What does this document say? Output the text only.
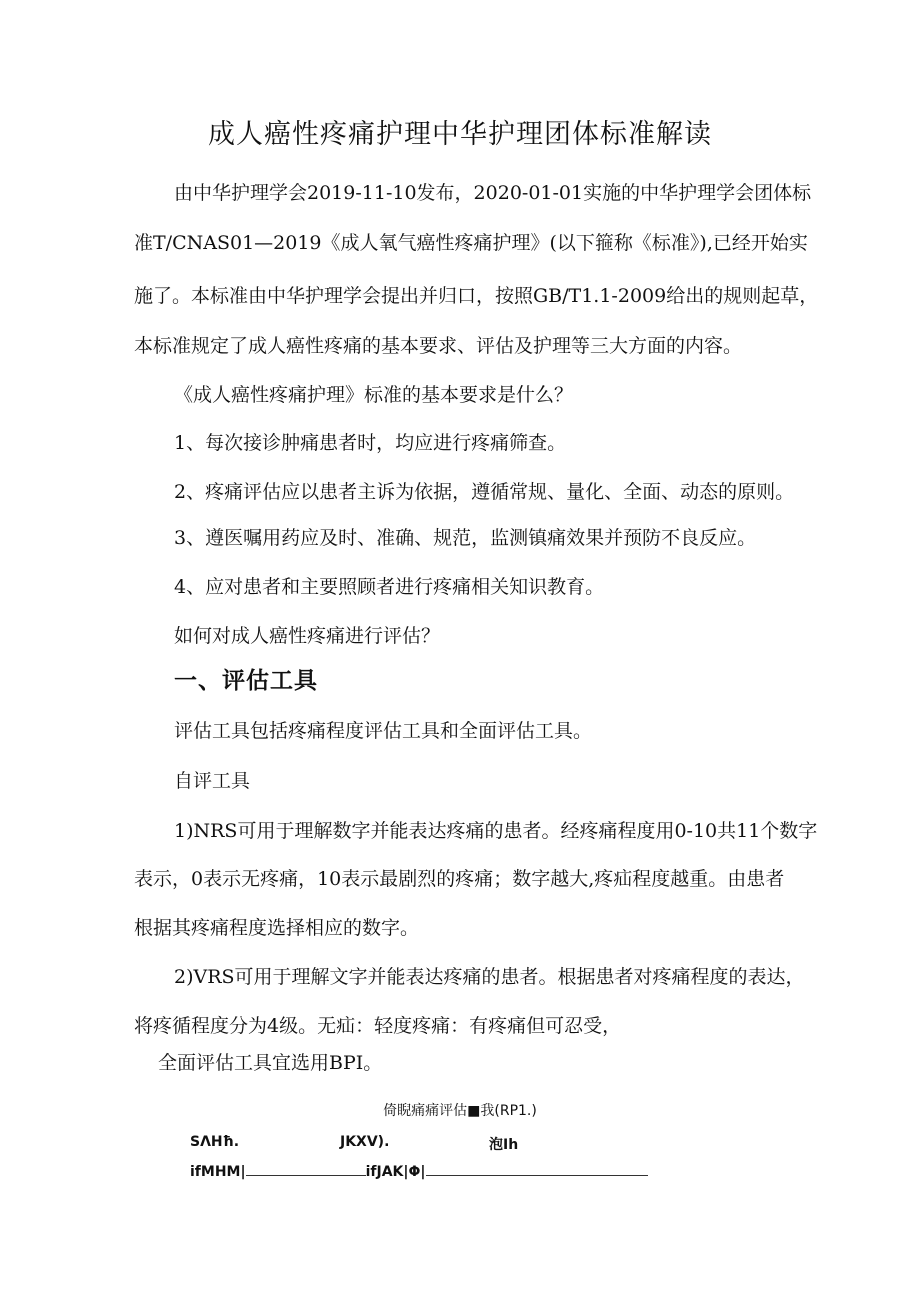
成人癌性疼痛护理中华护理团体标准解读

由中华护理学会2019-11-10发布，2020-01-01实施的中华护理学会团体标

准T/CNAS01—2019《成人氧气癌性疼痛护理》(以下箍称《标准》),已经开始实

施了。本标准由中华护理学会提出并归口，按照GB/T1.1-2009给出的规则起草，

本标准规定了成人癌性疼痛的基本要求、评估及护理等三大方面的内容。

《成人癌性疼痛护理》标准的基本要求是什么？

1、每次接诊肿痛患者时，均应进行疼痛筛查。

2、疼痛评估应以患者主诉为依据，遵循常规、量化、全面、动态的原则。

3、遵医嘱用药应及时、准确、规范，监测镇痛效果并预防不良反应。

4、应对患者和主要照顾者进行疼痛相关知识教育。

如何对成人癌性疼痛进行评估？

一、评估工具

评估工具包括疼痛程度评估工具和全面评估工具。

自评工具

1)NRS可用于理解数字并能表达疼痛的患者。经疼痛程度用0-10共11个数字

表示，0表示无疼痛，10表示最剧烈的疼痛；数字越大,疼疝程度越重。由患者

根据其疼痛程度选择相应的数字。

2)VRS可用于理解文字并能表达疼痛的患者。根据患者对疼痛程度的表达，

将疼循程度分为4级。无疝：轻度疼痛：有疼痛但可忍受，

全面评估工具宜选用BPI。

倚睨痛痛评估■我(RP1.)

SΛHħ.	JKXV).	泡Ih

ifMHM|	ifJAK|Φ|
